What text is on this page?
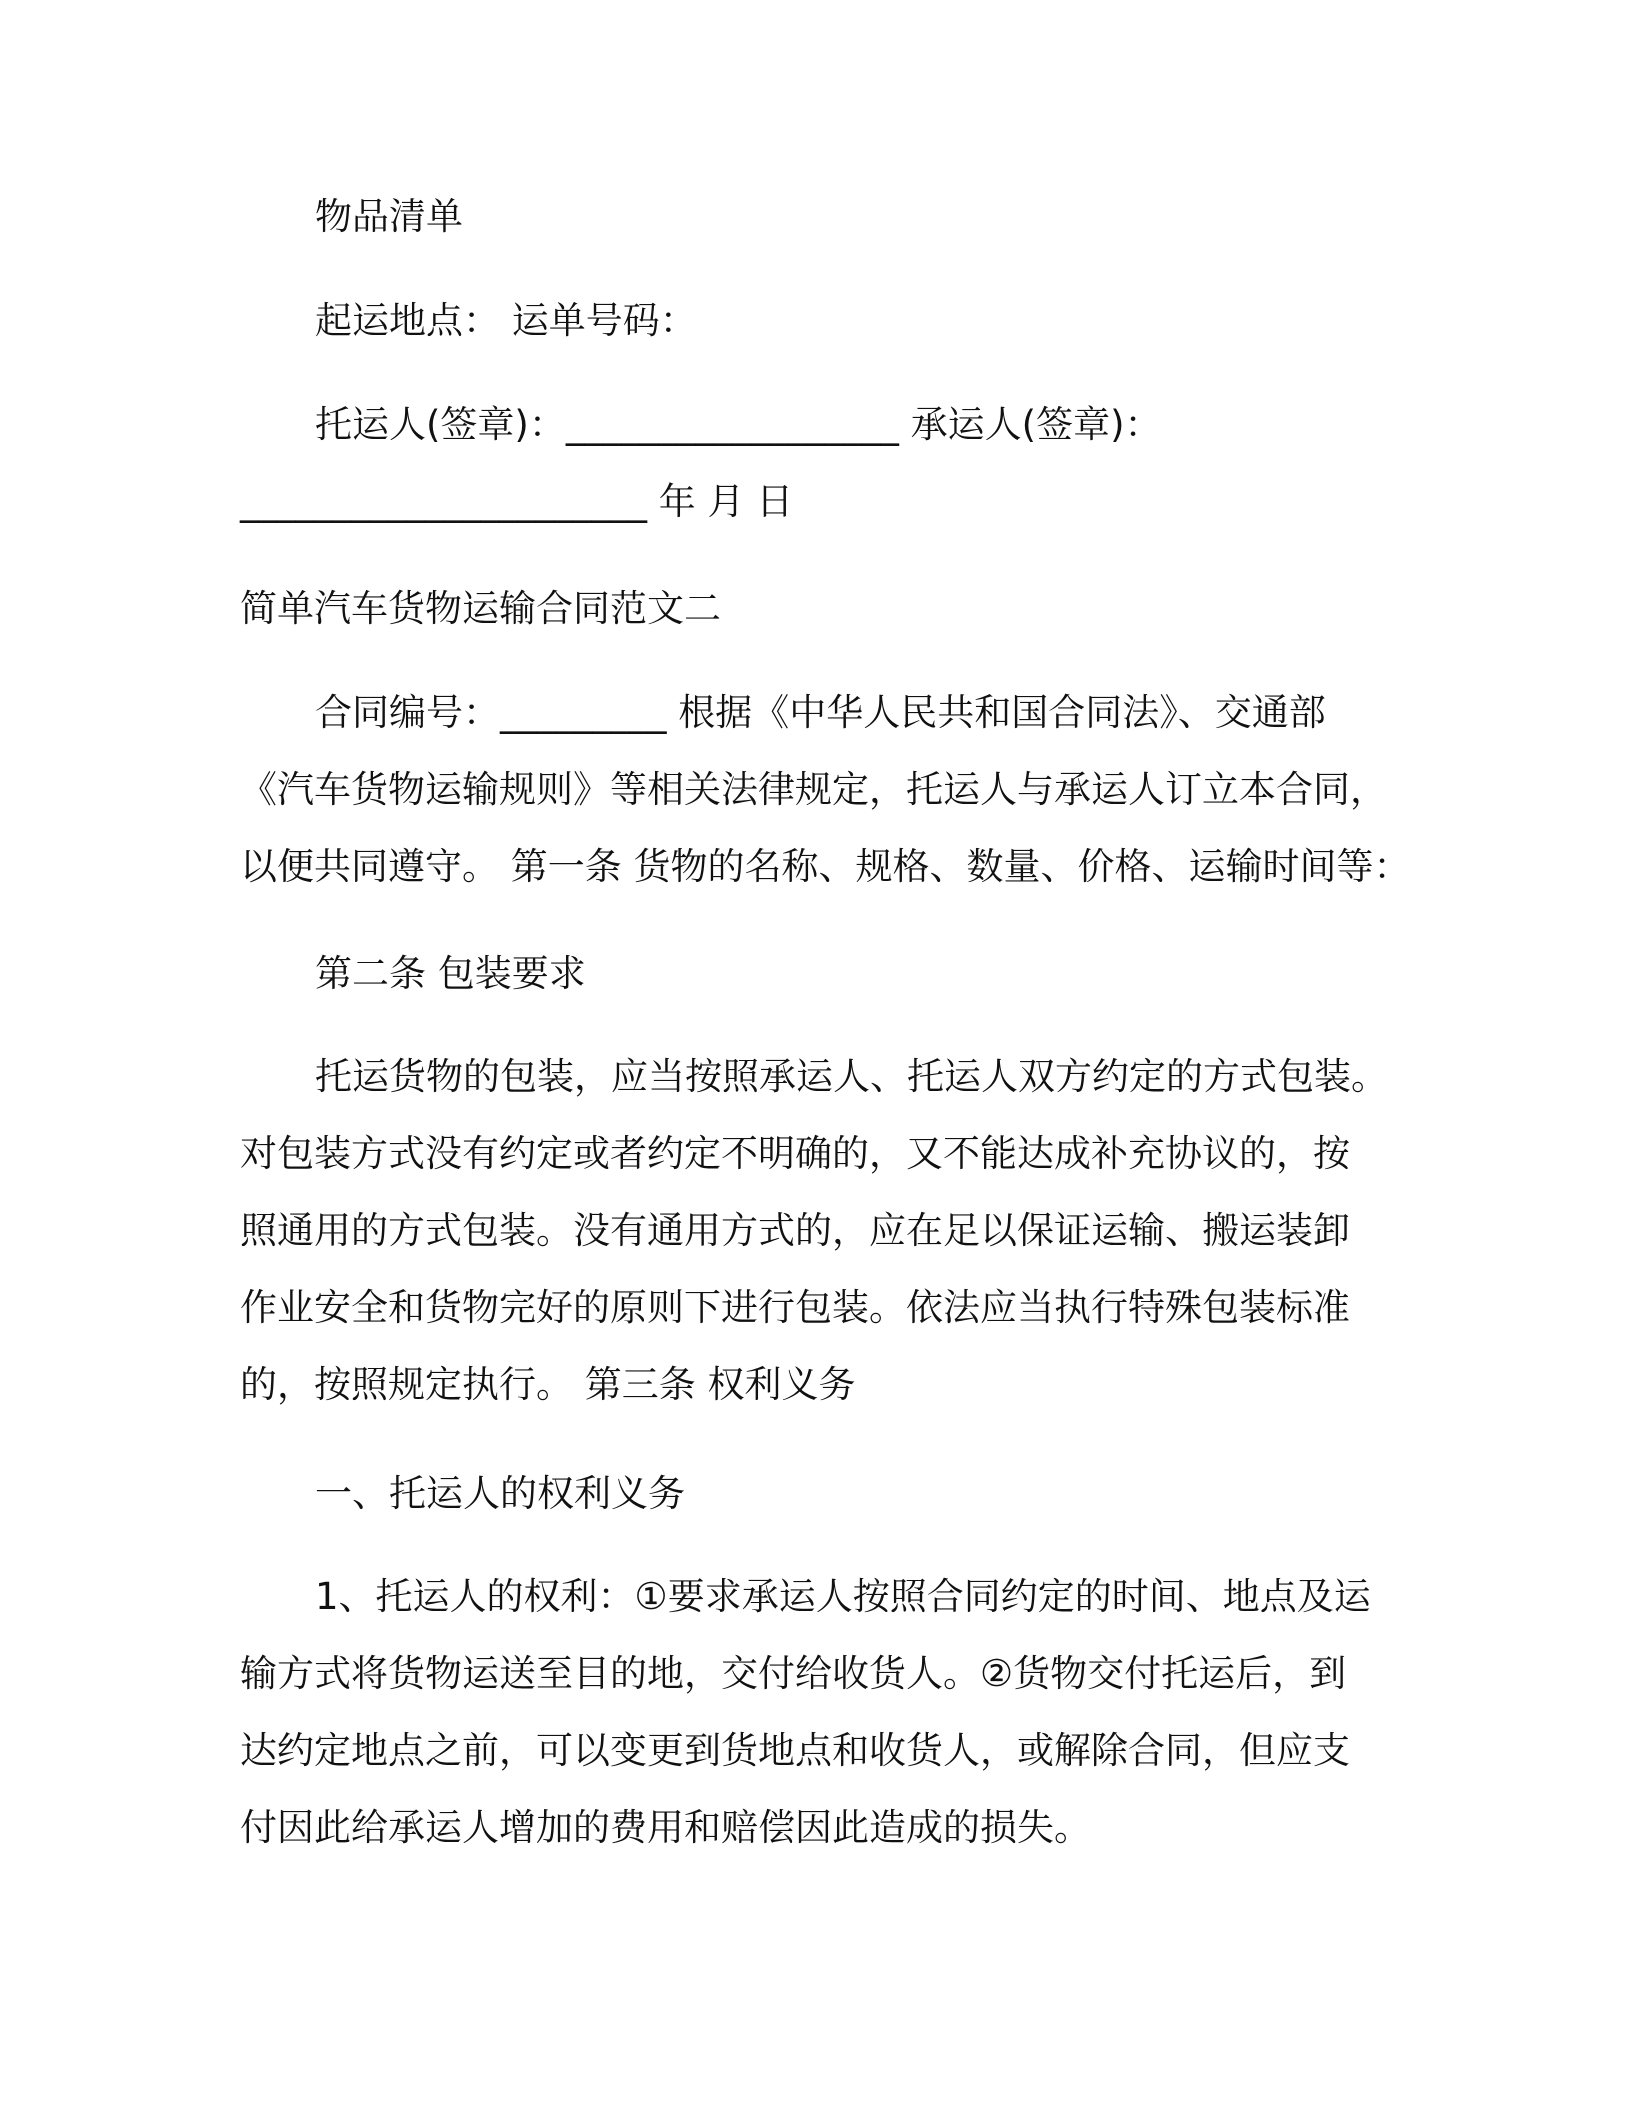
物品清单
起运地点： 运单号码：
托运人(签章)：__________________ 承运人(签章)：
______________________ 年 月 日
简单汽车货物运输合同范文二
合同编号：_________ 根据《中华人民共和国合同法》、交通部
《汽车货物运输规则》等相关法律规定，托运人与承运人订立本合同，
以便共同遵守。 第一条 货物的名称、规格、数量、价格、运输时间等：
第二条 包装要求
托运货物的包装，应当按照承运人、托运人双方约定的方式包装。
对包装方式没有约定或者约定不明确的，又不能达成补充协议的，按
照通用的方式包装。没有通用方式的，应在足以保证运输、搬运装卸
作业安全和货物完好的原则下进行包装。依法应当执行特殊包装标准
的，按照规定执行。 第三条 权利义务
一、托运人的权利义务
1、托运人的权利：①要求承运人按照合同约定的时间、地点及运
输方式将货物运送至目的地，交付给收货人。②货物交付托运后，到
达约定地点之前，可以变更到货地点和收货人，或解除合同，但应支
付因此给承运人增加的费用和赔偿因此造成的损失。
